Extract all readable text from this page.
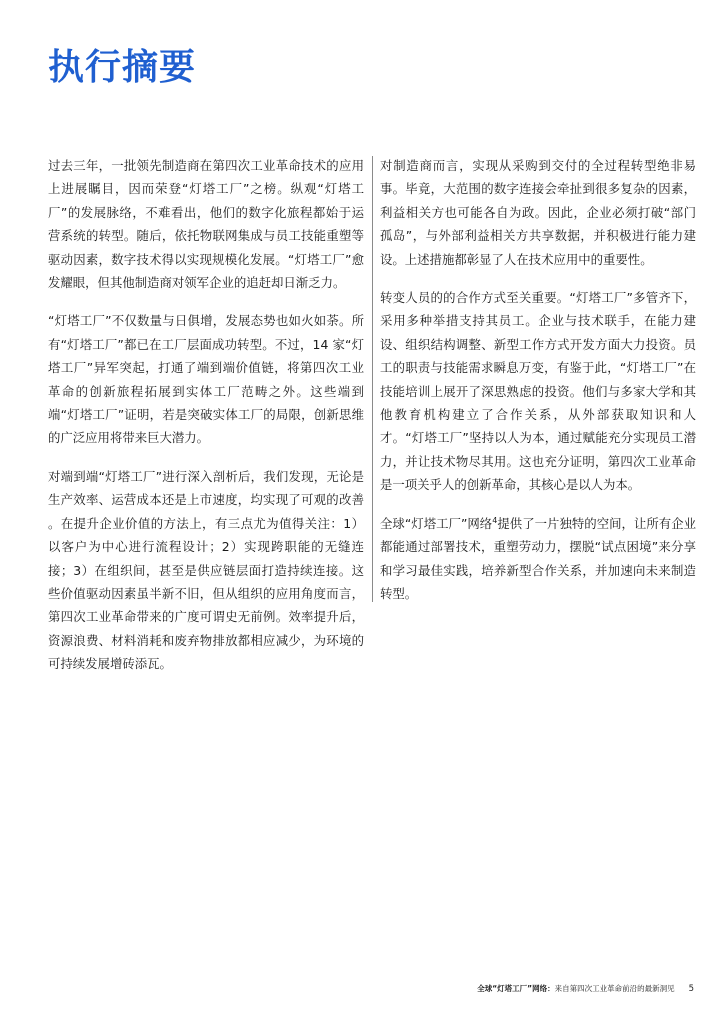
执行摘要

过去三年，一批领先制造商在第四次工业革命技术的应用上进展瞩目，因而荣登“灯塔工厂”之榜。纵观“灯塔工厂”的发展脉络，不难看出，他们的数字化旅程都始于运营系统的转型。随后，依托物联网集成与员工技能重塑等驱动因素，数字技术得以实现规模化发展。“灯塔工厂”愈发耀眼，但其他制造商对领军企业的追赶却日渐乏力。

“灯塔工厂”不仅数量与日俱增，发展态势也如火如荼。所有“灯塔工厂”都已在工厂层面成功转型。不过，14 家“灯塔工厂”异军突起，打通了端到端价值链，将第四次工业革命的创新旅程拓展到实体工厂范畴之外。这些端到端“灯塔工厂”证明，若是突破实体工厂的局限，创新思维的广泛应用将带来巨大潜力。

对端到端“灯塔工厂”进行深入剖析后，我们发现，无论是生产效率、运营成本还是上市速度，均实现了可观的改善 。在提升企业价值的方法上，有三点尤为值得关注：1）以客户为中心进行流程设计；2）实现跨职能的无缝连接；3）在组织间，甚至是供应链层面打造持续连接。这些价值驱动因素虽半新不旧，但从组织的应用角度而言，第四次工业革命带来的广度可谓史无前例。效率提升后，资源浪费、材料消耗和废弃物排放都相应减少，为环境的可持续发展增砖添瓦。

对制造商而言，实现从采购到交付的全过程转型绝非易事。毕竟，大范围的数字连接会牵扯到很多复杂的因素，利益相关方也可能各自为政。因此，企业必须打破“部门孤岛”，与外部利益相关方共享数据，并积极进行能力建设。上述措施都彰显了人在技术应用中的重要性。

转变人员的的合作方式至关重要。“灯塔工厂”多管齐下，采用多种举措支持其员工。企业与技术联手，在能力建设、组织结构调整、新型工作方式开发方面大力投资。员工的职责与技能需求瞬息万变，有鉴于此，“灯塔工厂”在技能培训上展开了深思熟虑的投资。他们与多家大学和其他教育机构建立了合作关系，从外部获取知识和人才。“灯塔工厂”坚持以人为本，通过赋能充分实现员工潜力，并让技术物尽其用。这也充分证明，第四次工业革命是一项关乎人的创新革命，其核心是以人为本。

全球“灯塔工厂”网络$^4$提供了一片独特的空间，让所有企业都能通过部署技术，重塑劳动力，摆脱“试点困境”来分享和学习最佳实践，培养新型合作关系，并加速向未来制造转型。

全球“灯塔工厂”网络：来自第四次工业革命前沿的最新洞见 5
